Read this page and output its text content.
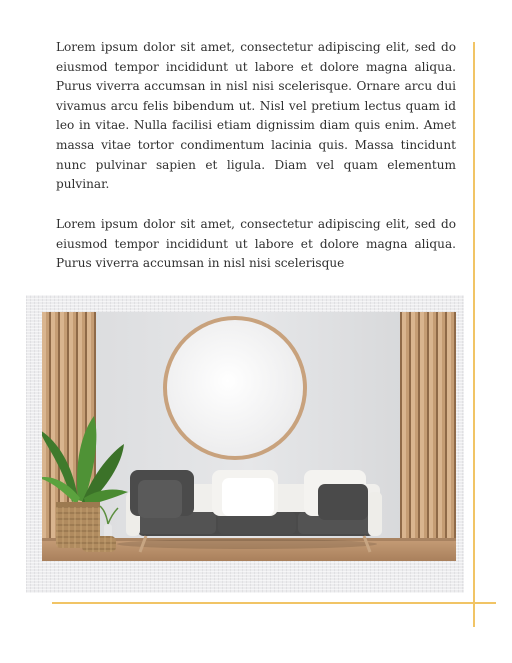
Lorem ipsum dolor sit amet, consectetur adipiscing elit, sed do eiusmod tempor incididunt ut labore et dolore magna aliqua. Purus viverra accumsan in nisl nisi scelerisque. Ornare arcu dui vivamus arcu felis bibendum ut. Nisl vel pretium lectus quam id leo in vitae. Nulla facilisi etiam dignissim diam quis enim. Amet massa vitae tortor condimentum lacinia quis. Massa tincidunt nunc pulvinar sapien et ligula. Diam vel quam elementum pulvinar.

Lorem ipsum dolor sit amet, consectetur adipiscing elit, sed do eiusmod tempor incididunt ut labore et dolore magna aliqua. Purus viverra accumsan in nisl nisi scelerisque
